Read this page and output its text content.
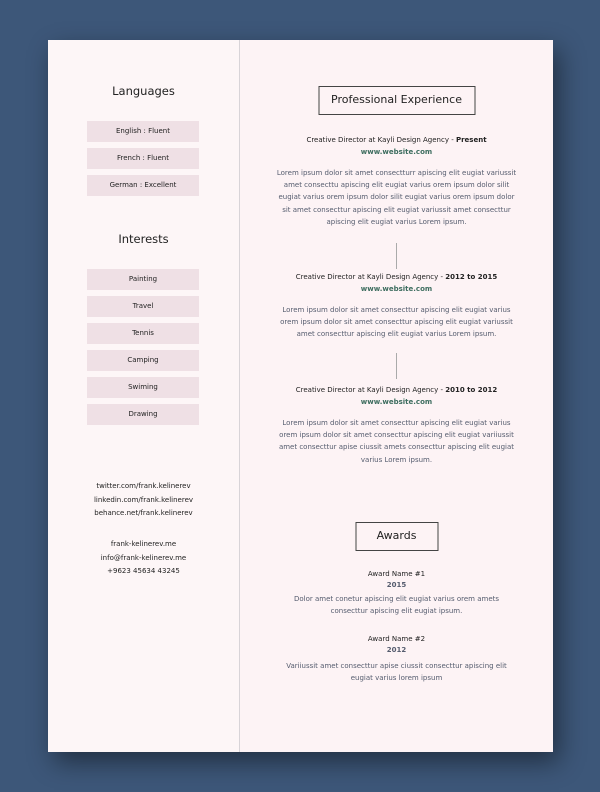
Languages
English : Fluent
French : Fluent
German : Excellent
Interests
Painting
Travel
Tennis
Camping
Swiming
Drawing
twitter.com/frank.kelinerev
linkedin.com/frank.kelinerev
behance.net/frank.kelinerev
frank-kelinerev.me
info@frank-kelinerev.me
+9623 45634 43245
Professional Experience
Creative Director at Kayli Design Agency - Present
www.website.com
Lorem ipsum dolor sit amet consectturr apiscing elit eugiat variussit amet consecttu apiscing elit eugiat varius orem ipsum dolor silit eugiat varius orem ipsum dolor silit eugiat varius orem ipsum dolor sit amet consecttur apiscing elit eugiat variussit amet consecttur apiscing elit eugiat varius Lorem ipsum.
Creative Director at Kayli Design Agency - 2012 to 2015
www.website.com
Lorem ipsum dolor sit amet consecttur apiscing elit eugiat varius orem ipsum dolor sit amet consecttur apiscing elit eugiat variussit amet consecttur apiscing elit eugiat varius Lorem ipsum.
Creative Director at Kayli Design Agency - 2010 to 2012
www.website.com
Lorem ipsum dolor sit amet consecttur apiscing elit eugiat varius orem ipsum dolor sit amet consecttur apiscing elit eugiat variiussit amet consecttur apise ciussit amets consecttur apiscing elit eugiat varius Lorem ipsum.
Awards
Award Name #1
2015
Dolor amet conetur apiscing elit eugiat varius orem amets consecttur apiscing elit eugiat ipsum.
Award Name #2
2012
Variiussit amet consecttur apise ciussit consecttur apiscing elit eugiat varius lorem ipsum
